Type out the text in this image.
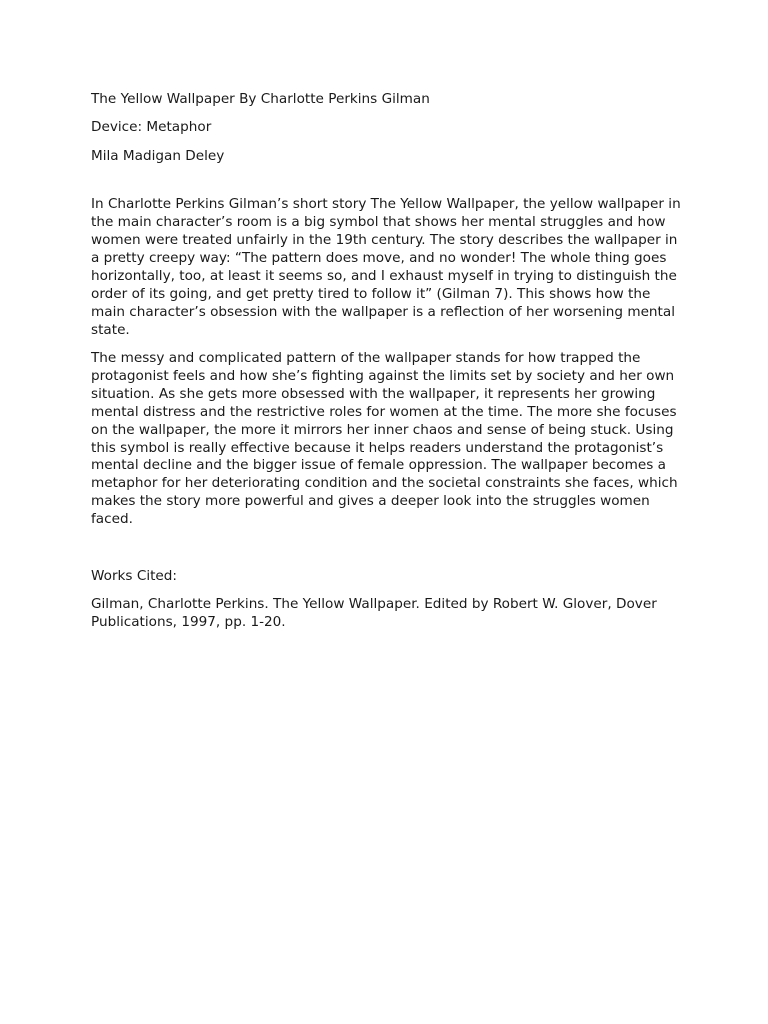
The Yellow Wallpaper By Charlotte Perkins Gilman
Device: Metaphor
Mila Madigan Deley

In Charlotte Perkins Gilman’s short story The Yellow Wallpaper, the yellow wallpaper in the main character’s room is a big symbol that shows her mental struggles and how women were treated unfairly in the 19th century. The story describes the wallpaper in a pretty creepy way: “The pattern does move, and no wonder! The whole thing goes horizontally, too, at least it seems so, and I exhaust myself in trying to distinguish the order of its going, and get pretty tired to follow it” (Gilman 7). This shows how the main character’s obsession with the wallpaper is a reflection of her worsening mental state.

The messy and complicated pattern of the wallpaper stands for how trapped the protagonist feels and how she’s fighting against the limits set by society and her own situation. As she gets more obsessed with the wallpaper, it represents her growing mental distress and the restrictive roles for women at the time. The more she focuses on the wallpaper, the more it mirrors her inner chaos and sense of being stuck. Using this symbol is really effective because it helps readers understand the protagonist’s mental decline and the bigger issue of female oppression. The wallpaper becomes a metaphor for her deteriorating condition and the societal constraints she faces, which makes the story more powerful and gives a deeper look into the struggles women faced.

Works Cited:

Gilman, Charlotte Perkins. The Yellow Wallpaper. Edited by Robert W. Glover, Dover Publications, 1997, pp. 1-20.
